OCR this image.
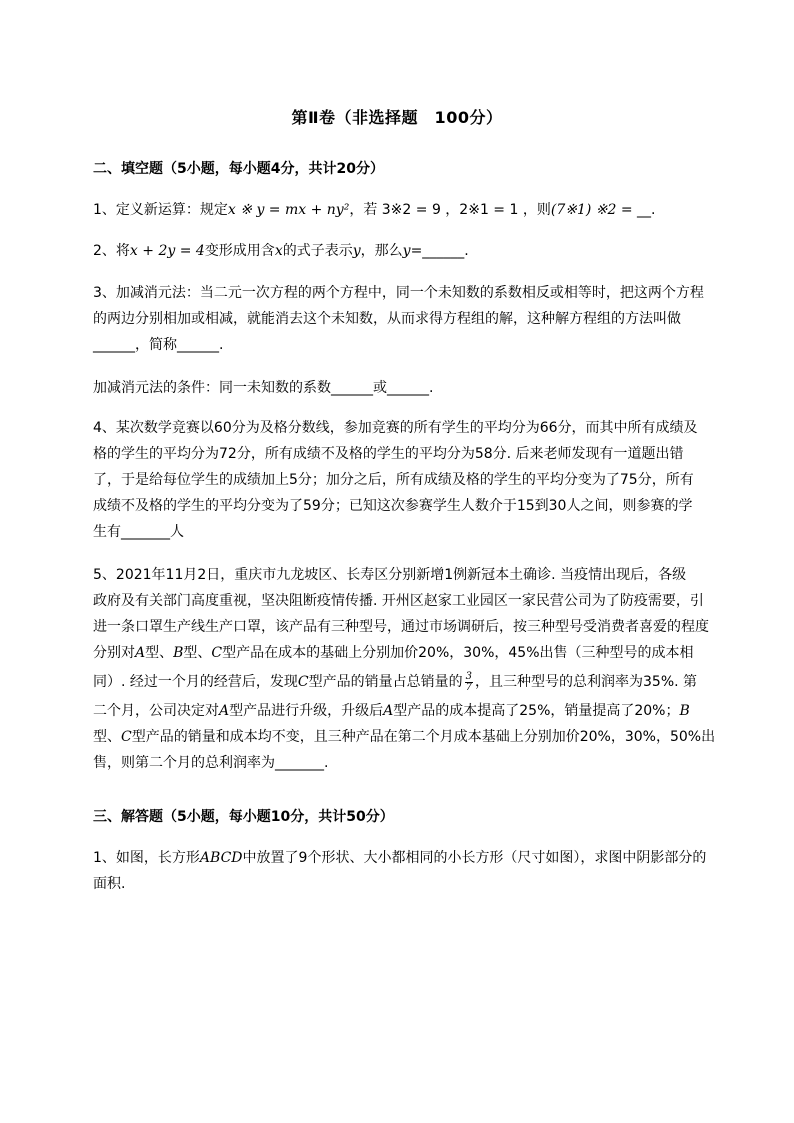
第Ⅱ卷（非选择题　100分）
二、填空题（5小题，每小题4分，共计20分）
1、定义新运算：规定x ※ y = mx + ny²，若 3※2 = 9 ，2※1 = 1 ，则(7※1) ※2 = __.
2、将x + 2y = 4变形成用含x的式子表示y，那么y=______.
3、加减消元法：当二元一次方程的两个方程中，同一个未知数的系数相反或相等时，把这两个方程
的两边分别相加或相减，就能消去这个未知数，从而求得方程组的解，这种解方程组的方法叫做
______，简称______.
加减消元法的条件：同一未知数的系数______或______.
4、某次数学竞赛以60分为及格分数线，参加竞赛的所有学生的平均分为66分，而其中所有成绩及
格的学生的平均分为72分，所有成绩不及格的学生的平均分为58分. 后来老师发现有一道题出错
了，于是给每位学生的成绩加上5分；加分之后，所有成绩及格的学生的平均分变为了75分，所有
成绩不及格的学生的平均分变为了59分；已知这次参赛学生人数介于15到30人之间，则参赛的学
生有_______人
5、2021年11月2日，重庆市九龙坡区、长寿区分别新增1例新冠本土确诊. 当疫情出现后，各级
政府及有关部门高度重视，坚决阻断疫情传播. 开州区赵家工业园区一家民营公司为了防疫需要，引
进一条口罩生产线生产口罩，该产品有三种型号，通过市场调研后，按三种型号受消费者喜爱的程度
分别对A型、B型、C型产品在成本的基础上分别加价20%，30%，45%出售（三种型号的成本相
同）. 经过一个月的经营后，发现C型产品的销量占总销量的 $\frac{3}{7}$ ，且三种型号的总利润率为35%. 第
二个月，公司决定对A型产品进行升级，升级后A型产品的成本提高了25%，销量提高了20%；B
型、C型产品的销量和成本均不变，且三种产品在第二个月成本基础上分别加价20%，30%，50%出
售，则第二个月的总利润率为_______.
三、解答题（5小题，每小题10分，共计50分）
1、如图，长方形ABCD中放置了9个形状、大小都相同的小长方形（尺寸如图），求图中阴影部分的
面积.
